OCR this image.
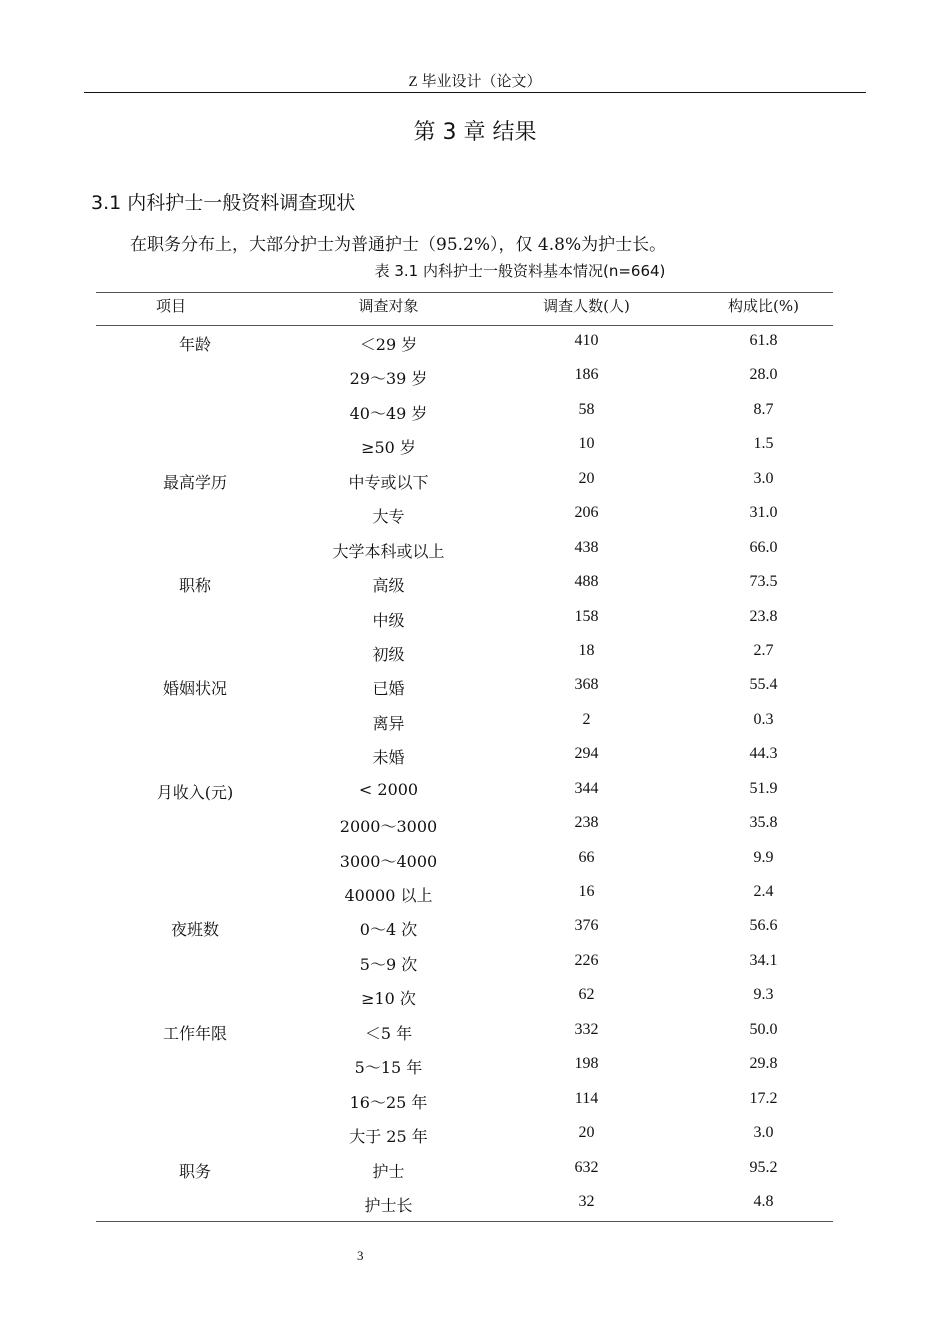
Z 毕业设计（论文）
第 3 章 结果
3.1 内科护士一般资料调查现状
在职务分布上，大部分护士为普通护士（95.2%），仅 4.8%为护士长。
表 3.1 内科护士一般资料基本情况(n=664)
项目	调查对象	调查人数(人)	构成比(%)
年龄	＜29 岁	410	61.8
29～39 岁	186	28.0
40～49 岁	58	8.7
≥50 岁	10	1.5
最高学历	中专或以下	20	3.0
大专	206	31.0
大学本科或以上	438	66.0
职称	高级	488	73.5
中级	158	23.8
初级	18	2.7
婚姻状况	已婚	368	55.4
离异	2	0.3
未婚	294	44.3
月收入(元)	< 2000	344	51.9
2000～3000	238	35.8
3000～4000	66	9.9
40000 以上	16	2.4
夜班数	0～4 次	376	56.6
5～9 次	226	34.1
≥10 次	62	9.3
工作年限	＜5 年	332	50.0
5～15 年	198	29.8
16～25 年	114	17.2
大于 25 年	20	3.0
职务	护士	632	95.2
护士长	32	4.8
3
